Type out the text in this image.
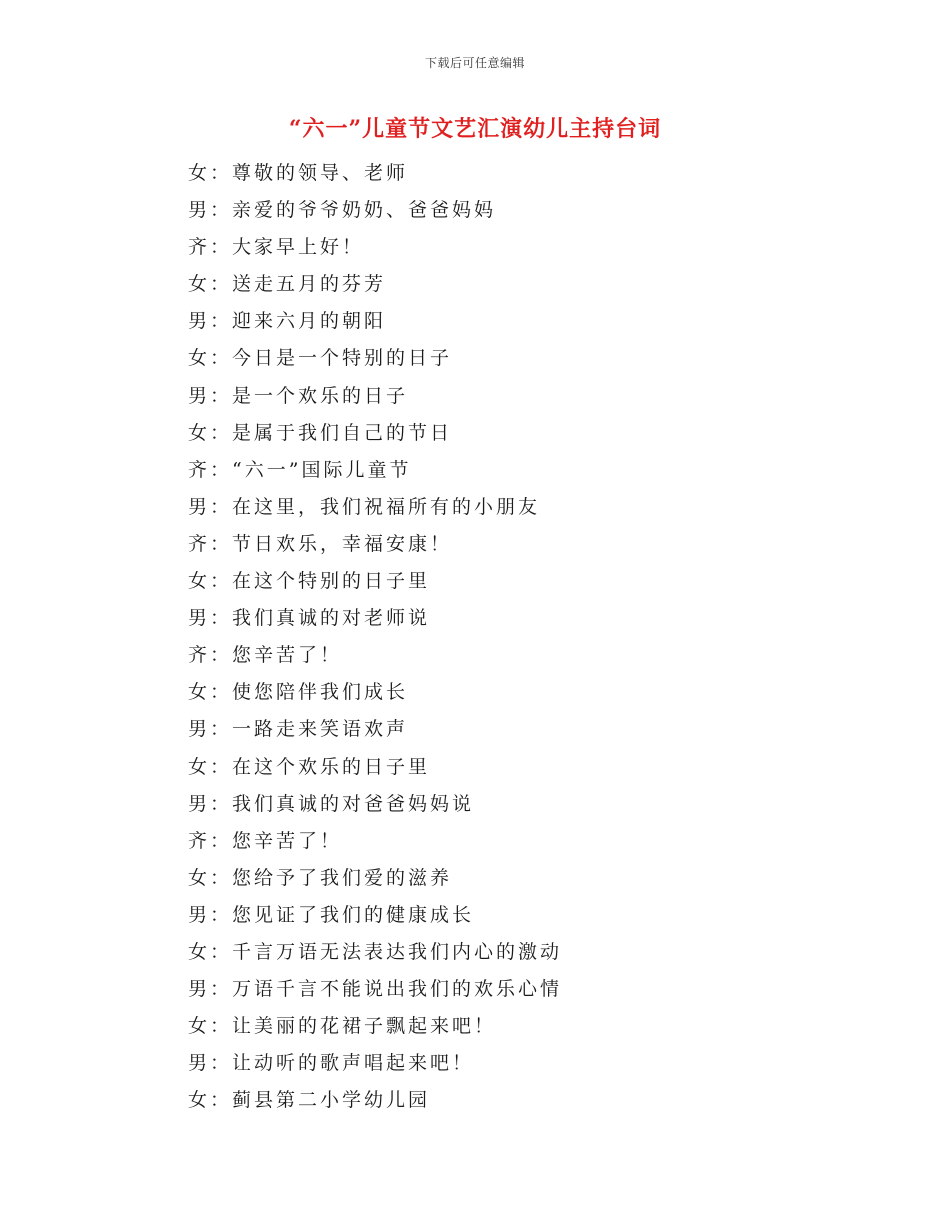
下载后可任意编辑
“六一”儿童节文艺汇演幼儿主持台词
女：尊敬的领导、老师
男：亲爱的爷爷奶奶、爸爸妈妈
齐：大家早上好！
女：送走五月的芬芳
男：迎来六月的朝阳
女：今日是一个特别的日子
男：是一个欢乐的日子
女：是属于我们自己的节日
齐：“六一”国际儿童节
男：在这里，我们祝福所有的小朋友
齐：节日欢乐，幸福安康！
女：在这个特别的日子里
男：我们真诚的对老师说
齐：您辛苦了！
女：使您陪伴我们成长
男：一路走来笑语欢声
女：在这个欢乐的日子里
男：我们真诚的对爸爸妈妈说
齐：您辛苦了！
女：您给予了我们爱的滋养
男：您见证了我们的健康成长
女：千言万语无法表达我们内心的激动
男：万语千言不能说出我们的欢乐心情
女：让美丽的花裙子飘起来吧！
男：让动听的歌声唱起来吧！
女：蓟县第二小学幼儿园
